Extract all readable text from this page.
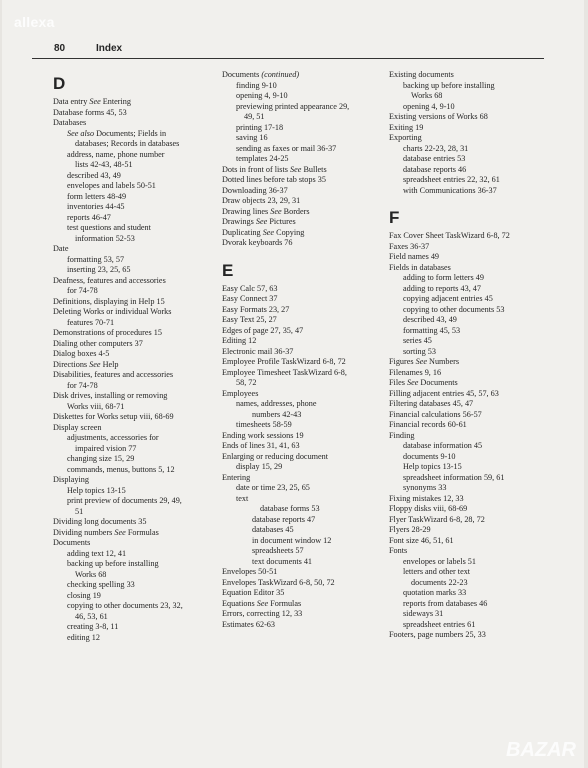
allexa
80	Index
D
Data entry See Entering
Database forms 45, 53
Databases
See also Documents; Fields in
databases; Records in databases
address, name, phone number
lists 42-43, 48-51
described 43, 49
envelopes and labels 50-51
form letters 48-49
inventories 44-45
reports 46-47
test questions and student
information 52-53
Date
formatting 53, 57
inserting 23, 25, 65
Deafness, features and accessories
for 74-78
Definitions, displaying in Help 15
Deleting Works or individual Works
features 70-71
Demonstrations of procedures 15
Dialing other computers 37
Dialog boxes 4-5
Directions See Help
Disabilities, features and accessories
for 74-78
Disk drives, installing or removing
Works viii, 68-71
Diskettes for Works setup viii, 68-69
Display screen
adjustments, accessories for
impaired vision 77
changing size 15, 29
commands, menus, buttons 5, 12
Displaying
Help topics 13-15
print preview of documents 29, 49,
51
Dividing long documents 35
Dividing numbers See Formulas
Documents
adding text 12, 41
backing up before installing
Works 68
checking spelling 33
closing 19
copying to other documents 23, 32,
46, 53, 61
creating 3-8, 11
editing 12
Documents (continued)
finding 9-10
opening 4, 9-10
previewing printed appearance 29,
49, 51
printing 17-18
saving 16
sending as faxes or mail 36-37
templates 24-25
Dots in front of lists See Bullets
Dotted lines before tab stops 35
Downloading 36-37
Draw objects 23, 29, 31
Drawing lines See Borders
Drawings See Pictures
Duplicating See Copying
Dvorak keyboards 76
E
Easy Calc 57, 63
Easy Connect 37
Easy Formats 23, 27
Easy Text 25, 27
Edges of page 27, 35, 47
Editing 12
Electronic mail 36-37
Employee Profile TaskWizard 6-8, 72
Employee Timesheet TaskWizard 6-8,
58, 72
Employees
names, addresses, phone
numbers 42-43
timesheets 58-59
Ending work sessions 19
Ends of lines 31, 41, 63
Enlarging or reducing document
display 15, 29
Entering
date or time 23, 25, 65
text
database forms 53
database reports 47
databases 45
in document window 12
spreadsheets 57
text documents 41
Envelopes 50-51
Envelopes TaskWizard 6-8, 50, 72
Equation Editor 35
Equations See Formulas
Errors, correcting 12, 33
Estimates 62-63
Existing documents
backing up before installing
Works 68
opening 4, 9-10
Existing versions of Works 68
Exiting 19
Exporting
charts 22-23, 28, 31
database entries 53
database reports 46
spreadsheet entries 22, 32, 61
with Communications 36-37
F
Fax Cover Sheet TaskWizard 6-8, 72
Faxes 36-37
Field names 49
Fields in databases
adding to form letters 49
adding to reports 43, 47
copying adjacent entries 45
copying to other documents 53
described 43, 49
formatting 45, 53
series 45
sorting 53
Figures See Numbers
Filenames 9, 16
Files See Documents
Filling adjacent entries 45, 57, 63
Filtering databases 45, 47
Financial calculations 56-57
Financial records 60-61
Finding
database information 45
documents 9-10
Help topics 13-15
spreadsheet information 59, 61
synonyms 33
Fixing mistakes 12, 33
Floppy disks viii, 68-69
Flyer TaskWizard 6-8, 28, 72
Flyers 28-29
Font size 46, 51, 61
Fonts
envelopes or labels 51
letters and other text
documents 22-23
quotation marks 33
reports from databases 46
sideways 31
spreadsheet entries 61
Footers, page numbers 25, 33
BAZAR
